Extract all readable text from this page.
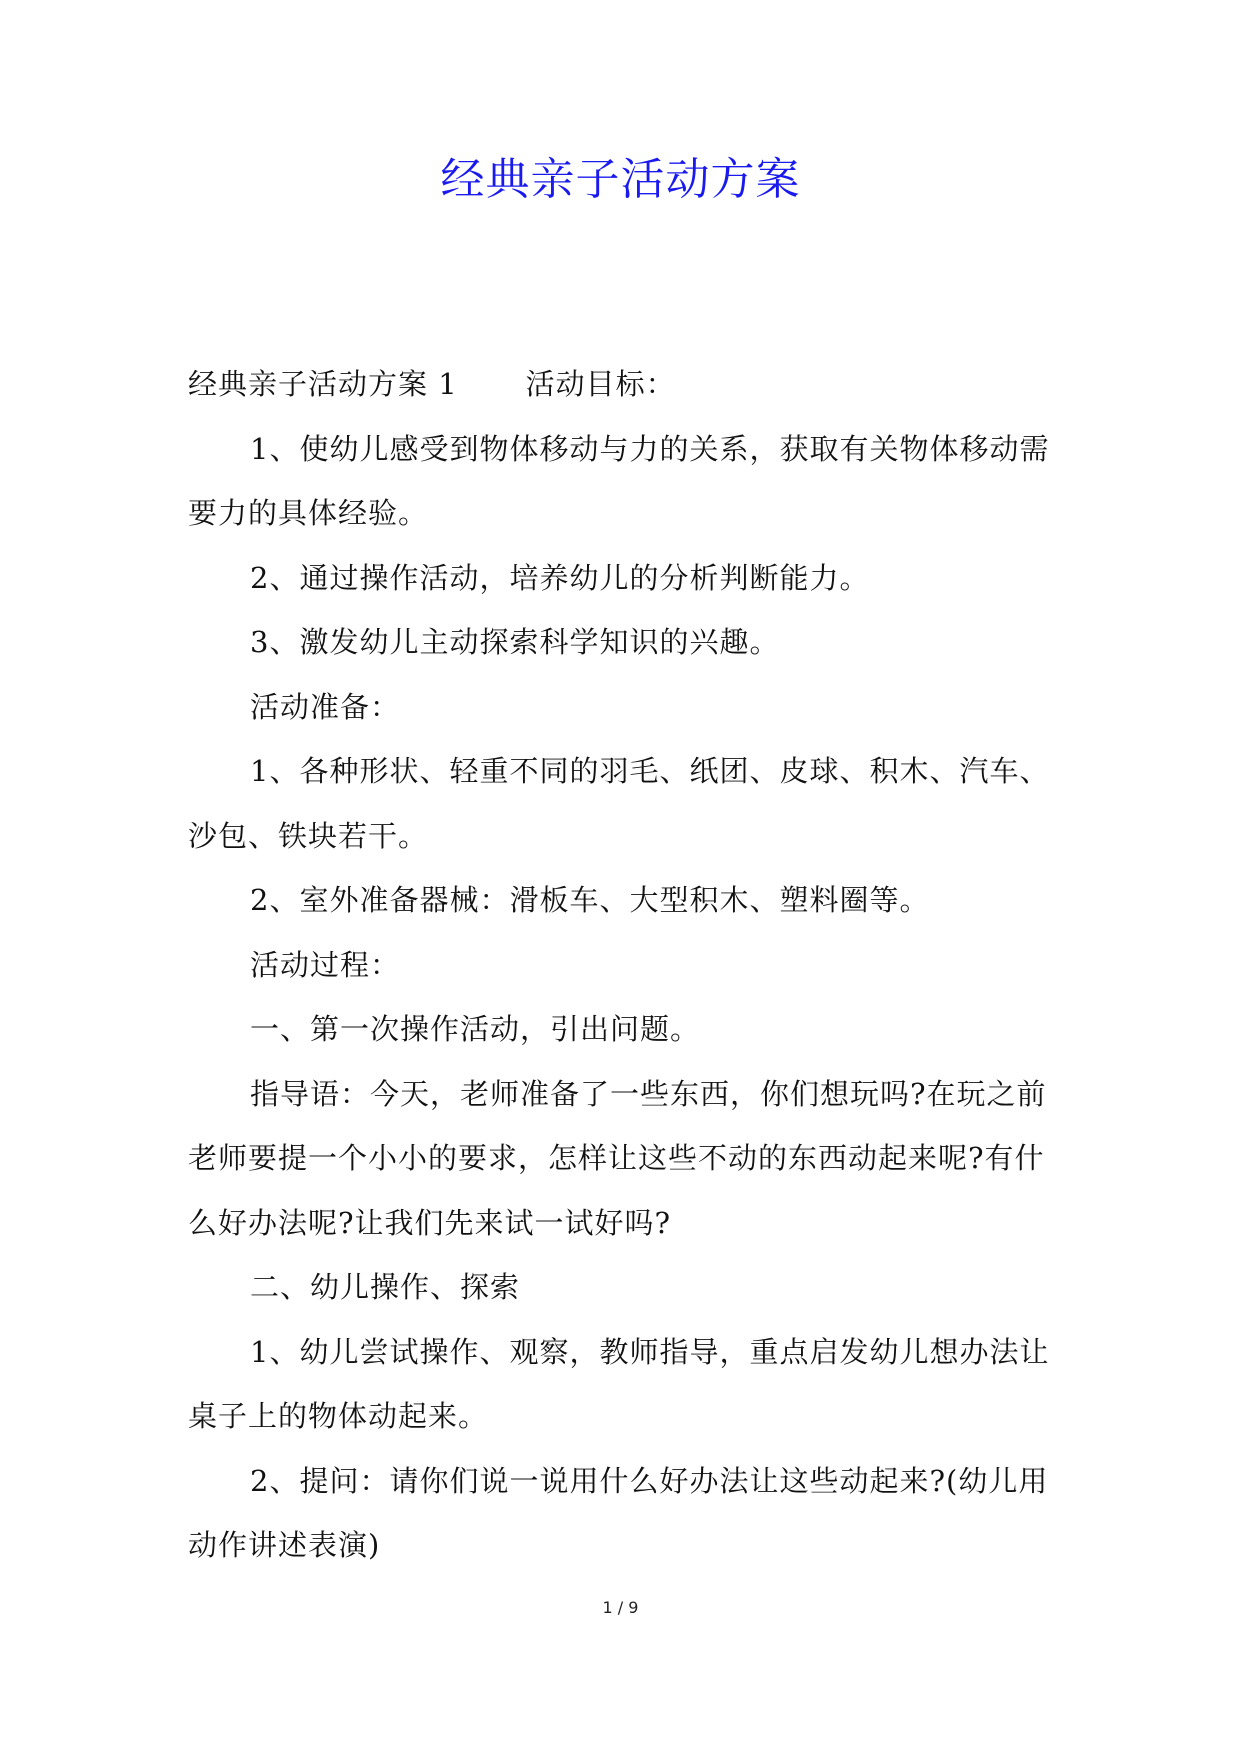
经典亲子活动方案

经典亲子活动方案 1 活动目标：

1、使幼儿感受到物体移动与力的关系，获取有关物体移动需要力的具体经验。

2、通过操作活动，培养幼儿的分析判断能力。

3、激发幼儿主动探索科学知识的兴趣。

活动准备：

1、各种形状、轻重不同的羽毛、纸团、皮球、积木、汽车、沙包、铁块若干。

2、室外准备器械：滑板车、大型积木、塑料圈等。

活动过程：

一、第一次操作活动，引出问题。

指导语：今天，老师准备了一些东西，你们想玩吗?在玩之前老师要提一个小小的要求，怎样让这些不动的东西动起来呢?有什么好办法呢?让我们先来试一试好吗?

二、幼儿操作、探索

1、幼儿尝试操作、观察，教师指导，重点启发幼儿想办法让桌子上的物体动起来。

2、提问：请你们说一说用什么好办法让这些动起来?(幼儿用动作讲述表演)

1 / 9
